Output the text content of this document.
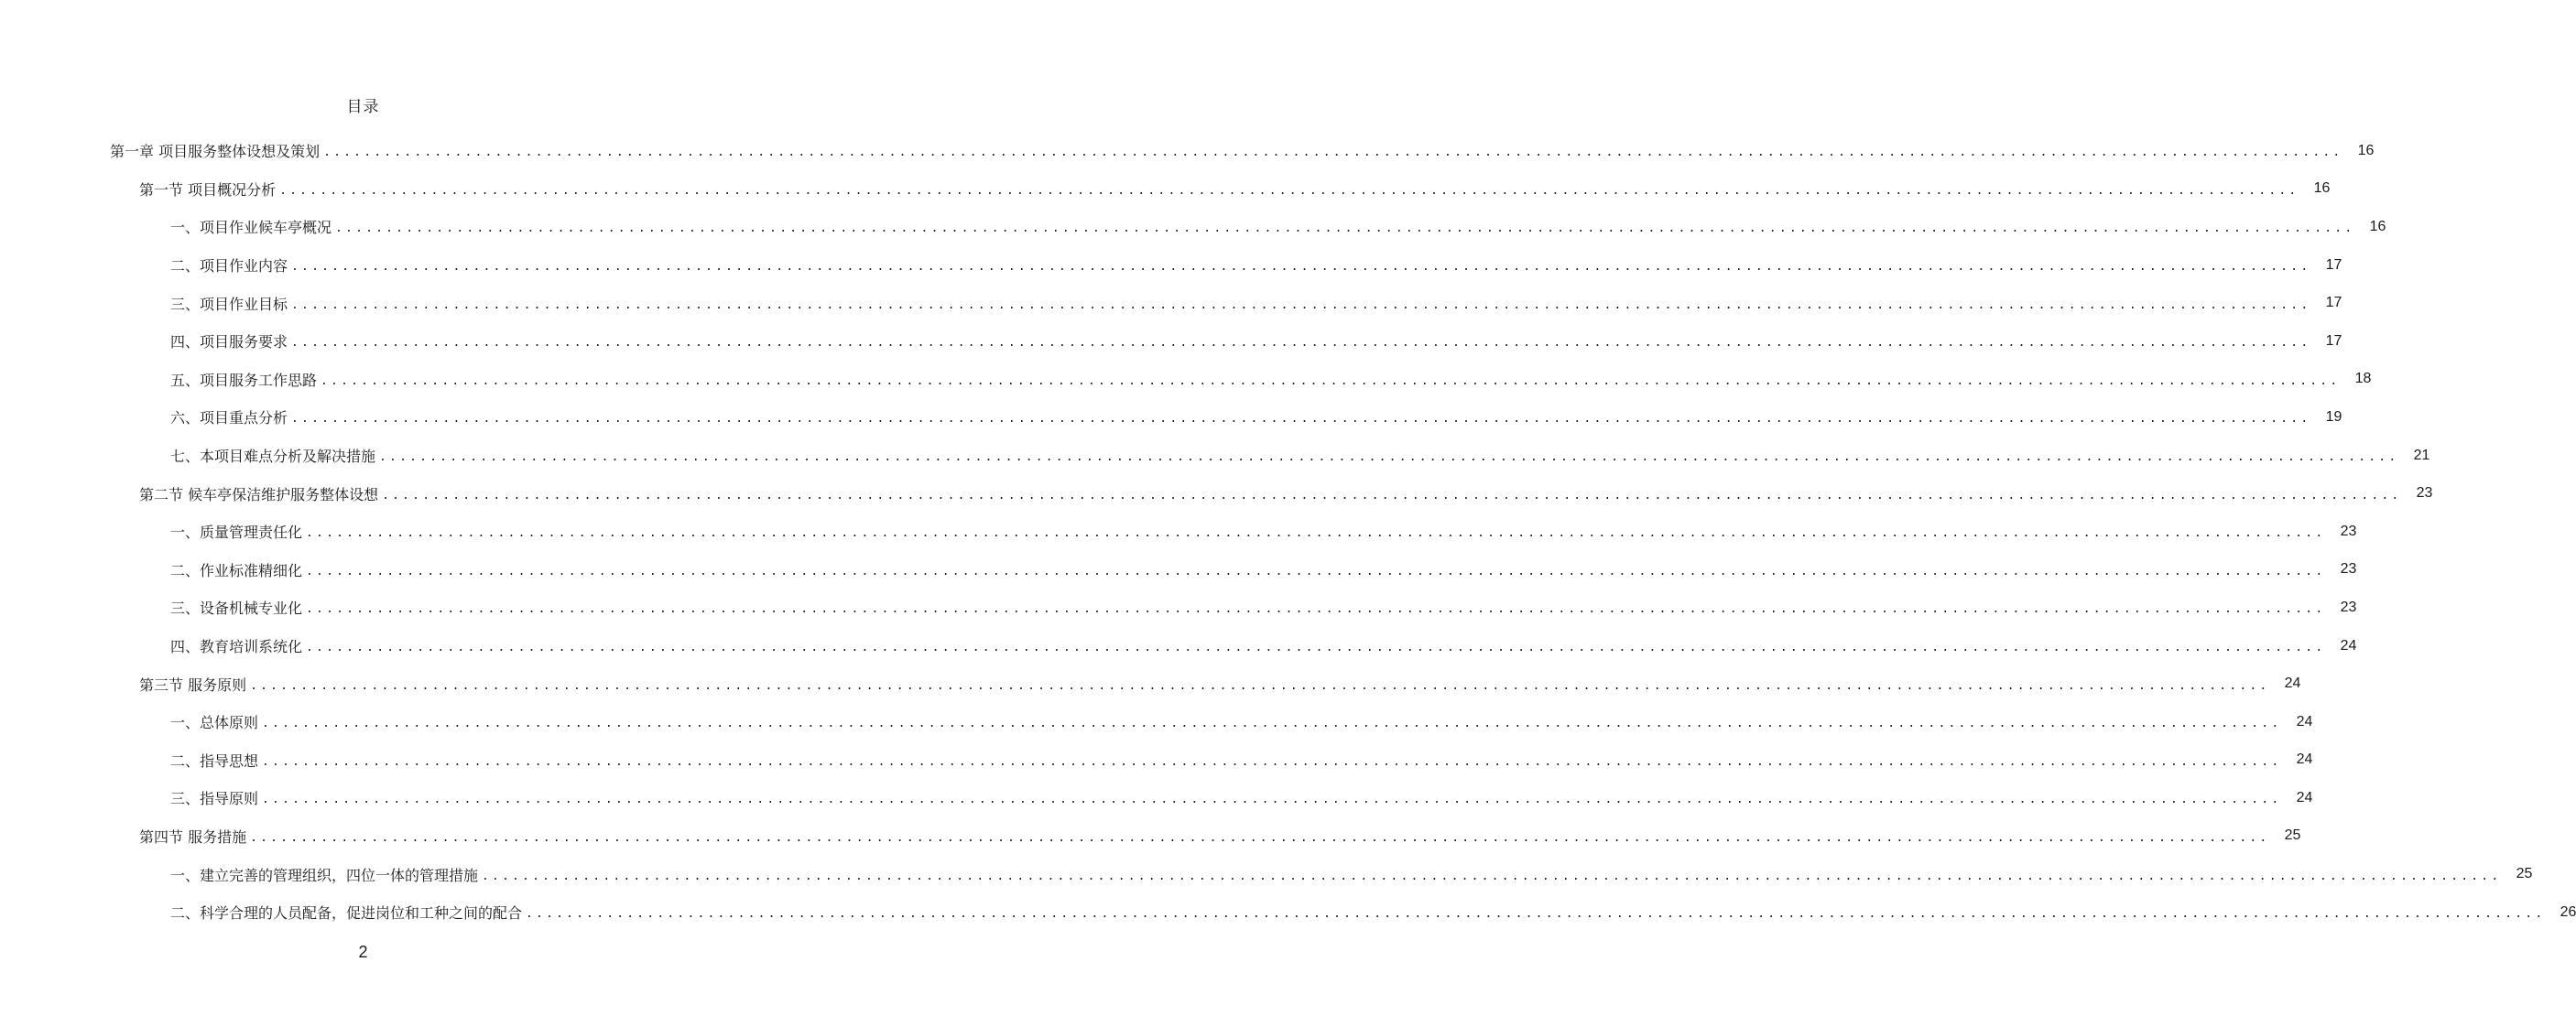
目录
第一章 项目服务整体设想及策划 ........................................................................................................................................................................................................	16
第一节 项目概况分析 ........................................................................................................................................................................................................	16
一、项目作业候车亭概况 ........................................................................................................................................................................................................	16
二、项目作业内容 ........................................................................................................................................................................................................	17
三、项目作业目标 ........................................................................................................................................................................................................	17
四、项目服务要求 ........................................................................................................................................................................................................	17
五、项目服务工作思路 ........................................................................................................................................................................................................	18
六、项目重点分析 ........................................................................................................................................................................................................	19
七、本项目难点分析及解决措施 ........................................................................................................................................................................................................	21
第二节 候车亭保洁维护服务整体设想 ........................................................................................................................................................................................................	23
一、质量管理责任化 ........................................................................................................................................................................................................	23
二、作业标准精细化 ........................................................................................................................................................................................................	23
三、设备机械专业化 ........................................................................................................................................................................................................	23
四、教育培训系统化 ........................................................................................................................................................................................................	24
第三节 服务原则 ........................................................................................................................................................................................................	24
一、总体原则 ........................................................................................................................................................................................................	24
二、指导思想 ........................................................................................................................................................................................................	24
三、指导原则 ........................................................................................................................................................................................................	24
第四节 服务措施 ........................................................................................................................................................................................................	25
一、建立完善的管理组织，四位一体的管理措施 ........................................................................................................................................................................................................	25
二、科学合理的人员配备，促进岗位和工种之间的配合 ........................................................................................................................................................................................................	26
2
